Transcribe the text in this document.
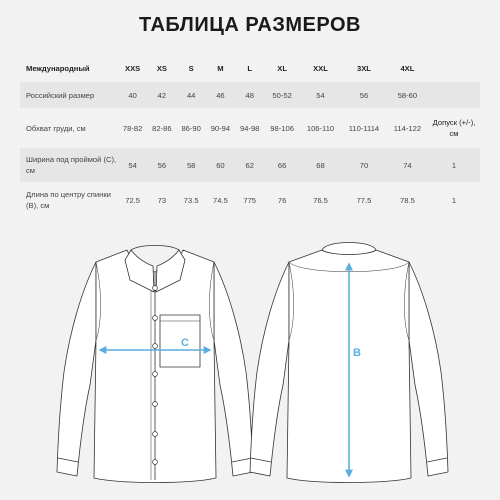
ТАБЛИЦА РАЗМЕРОВ
Международный	XXS	XS	S	M	L	XL	XXL	3XL	4XL	
Российский размер	40	42	44	46	48	50-52	54	56	58-60	
Обхват груди, см	78-82	82-86	86-90	90-94	94-98	98-106	106-110	110-1114	114-122	Допуск (+/-), см
Ширина под проймой (С), см	54	56	58	60	62	66	68	70	74	1
Длина по центру спинки (В), см	72.5	73	73.5	74.5	775	76	76.5	77.5	78.5	1
C
B
